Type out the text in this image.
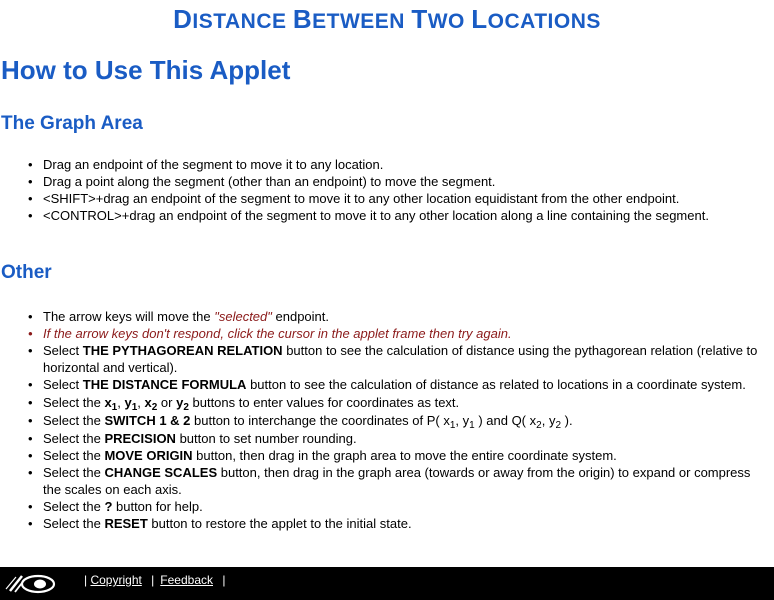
DISTANCE BETWEEN TWO LOCATIONS
How to Use This Applet
The Graph Area
• Drag an endpoint of the segment to move it to any location.
• Drag a point along the segment (other than an endpoint) to move the segment.
• <SHIFT>+drag an endpoint of the segment to move it to any other location equidistant from the other endpoint.
• <CONTROL>+drag an endpoint of the segment to move it to any other location along a line containing the segment.
Other
• The arrow keys will move the "selected" endpoint.
• If the arrow keys don't respond, click the cursor in the applet frame then try again.
• Select THE PYTHAGOREAN RELATION button to see the calculation of distance using the pythagorean relation (relative to horizontal and vertical).
• Select THE DISTANCE FORMULA button to see the calculation of distance as related to locations in a coordinate system.
• Select the $x_1$, $y_1$, $x_2$ or $y_2$ buttons to enter values for coordinates as text.
• Select the SWITCH 1 & 2 button to interchange the coordinates of P( $x_1$, $y_1$ ) and Q( $x_2$, $y_2$ ).
• Select the PRECISION button to set number rounding.
• Select the MOVE ORIGIN button, then drag in the graph area to move the entire coordinate system.
• Select the CHANGE SCALES button, then drag in the graph area (towards or away from the origin) to expand or compress the scales on each axis.
• Select the ? button for help.
• Select the RESET button to restore the applet to the initial state.
| Copyright | Feedback |
